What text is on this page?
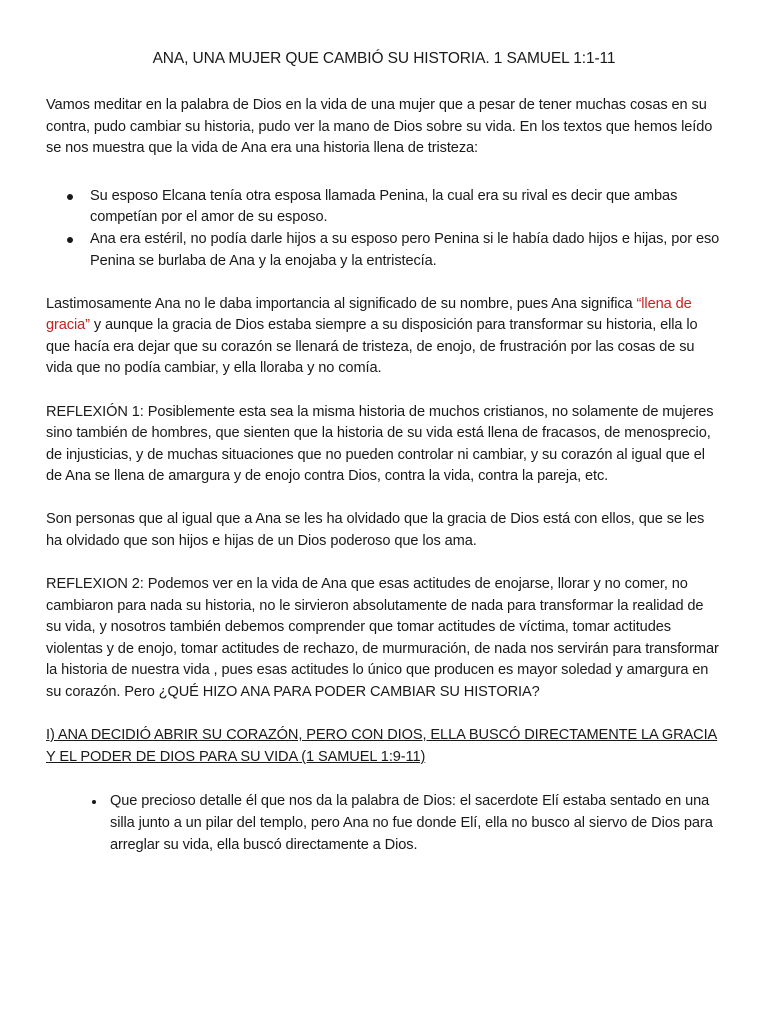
ANA, UNA MUJER QUE CAMBIÓ SU HISTORIA. 1 SAMUEL 1:1-11

Vamos meditar en la palabra de Dios en la vida de una mujer que a pesar de tener muchas cosas en su contra, pudo cambiar su historia, pudo ver la mano de Dios sobre su vida. En los textos que hemos leído se nos muestra que la vida de Ana era una historia llena de tristeza:

Su esposo Elcana tenía otra esposa llamada Penina, la cual era su rival es decir que ambas competían por el amor de su esposo.
Ana era estéril, no podía darle hijos a su esposo pero Penina si le había dado hijos e hijas, por eso Penina se burlaba de Ana y la enojaba y la entristecía.

Lastimosamente Ana no le daba importancia al significado de su nombre, pues Ana significa “llena de gracia” y aunque la gracia de Dios estaba siempre a su disposición para transformar su historia, ella lo que hacía era dejar que su corazón se llenará de tristeza, de enojo, de frustración por las cosas de su vida que no podía cambiar, y ella lloraba y no comía.

REFLEXIÓN 1: Posiblemente esta sea la misma historia de muchos cristianos, no solamente de mujeres sino también de hombres, que sienten que la historia de su vida está llena de fracasos, de menosprecio, de injusticias, y de muchas situaciones que no pueden controlar ni cambiar, y su corazón al igual que el de Ana se llena de amargura y de enojo contra Dios, contra la vida, contra la pareja, etc.

Son personas que al igual que a Ana se les ha olvidado que la gracia de Dios está con ellos, que se les ha olvidado que son hijos e hijas de un Dios poderoso que los ama.

REFLEXION 2: Podemos ver en la vida de Ana que esas actitudes de enojarse, llorar y no comer, no cambiaron para nada su historia, no le sirvieron absolutamente de nada para transformar la realidad de su vida, y nosotros también debemos comprender que tomar actitudes de víctima, tomar actitudes violentas y de enojo, tomar actitudes de rechazo, de murmuración, de nada nos servirán para transformar la historia de nuestra vida , pues esas actitudes lo único que producen es mayor soledad y amargura en su corazón. Pero ¿QUÉ HIZO ANA PARA PODER CAMBIAR SU HISTORIA?

I) ANA DECIDIÓ ABRIR SU CORAZÓN, PERO CON DIOS, ELLA BUSCÓ DIRECTAMENTE LA GRACIA Y EL PODER DE DIOS PARA SU VIDA (1 SAMUEL 1:9-11)

Que precioso detalle él que nos da la palabra de Dios: el sacerdote Elí estaba sentado en una silla junto a un pilar del templo, pero Ana no fue donde Elí, ella no busco al siervo de Dios para arreglar su vida, ella buscó directamente a Dios.
